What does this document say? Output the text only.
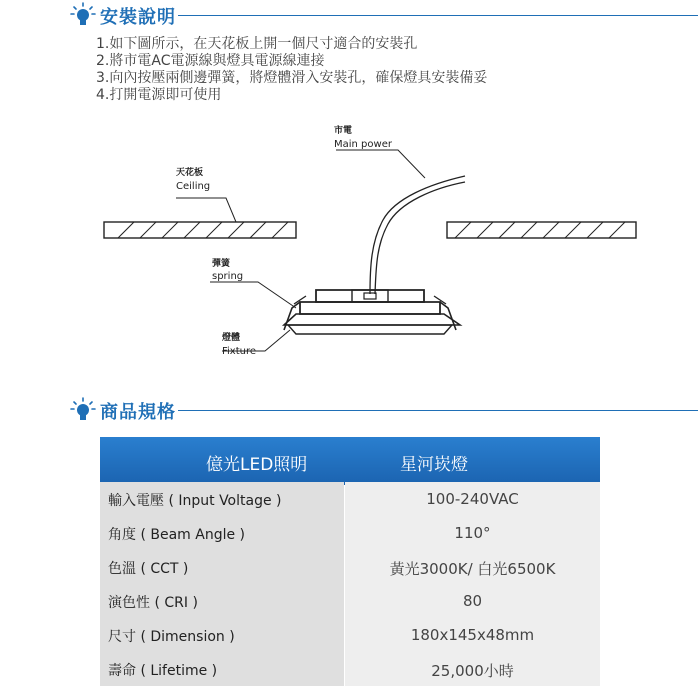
安裝說明
1.如下圖所示，在天花板上開一個尺寸適合的安裝孔
2.將市電AC電源線與燈具電源線連接
3.向內按壓兩側邊彈簧，將燈體滑入安裝孔，確保燈具安裝備妥
4.打開電源即可使用
市電
Main power
天花板
Ceiling
彈簧
spring
燈體
Fixture
商品規格
億光LED照明	星河崁燈
輸入電壓 ( Input Voltage )	100-240VAC
角度 ( Beam Angle )	110°
色溫 ( CCT )	黃光3000K/ 白光6500K
演色性 ( CRI )	80
尺寸 ( Dimension )	180x145x48mm
壽命 ( Lifetime )	25,000小時
